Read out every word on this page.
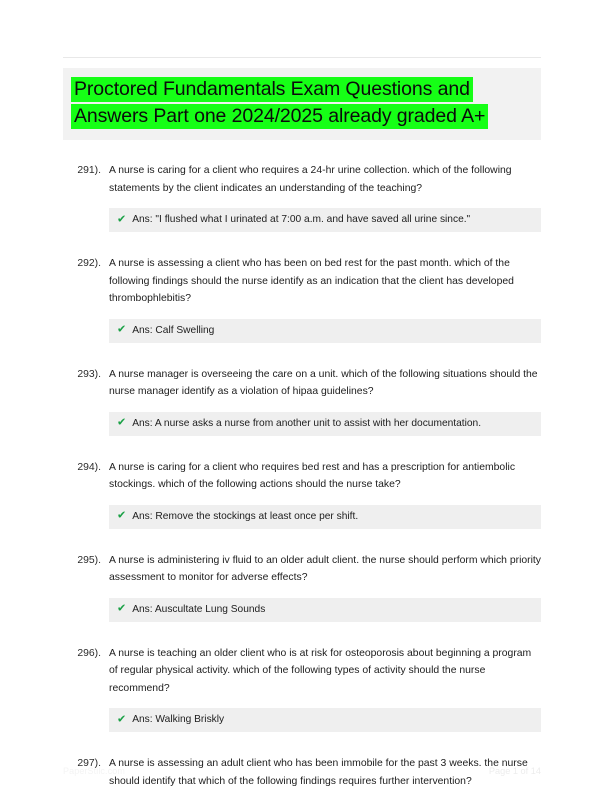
Proctored Fundamentals Exam Questions and
Answers Part one 2024/2025 already graded A+
291). A nurse is caring for a client who requires a 24-hr urine collection. which of the following statements by the client indicates an understanding of the teaching?

✔ Ans: "I flushed what I urinated at 7:00 a.m. and have saved all urine since."
292). A nurse is assessing a client who has been on bed rest for the past month. which of the following findings should the nurse identify as an indication that the client has developed thrombophlebitis?

✔ Ans: Calf Swelling
293). A nurse manager is overseeing the care on a unit. which of the following situations should the nurse manager identify as a violation of hipaa guidelines?

✔ Ans: A nurse asks a nurse from another unit to assist with her documentation.
294). A nurse is caring for a client who requires bed rest and has a prescription for antiembolic stockings. which of the following actions should the nurse take?

✔ Ans: Remove the stockings at least once per shift.
295). A nurse is administering iv fluid to an older adult client. the nurse should perform which priority assessment to monitor for adverse effects?

✔ Ans: Auscultate Lung Sounds
296). A nurse is teaching an older client who is at risk for osteoporosis about beginning a program of regular physical activity. which of the following types of activity should the nurse recommend?

✔ Ans: Walking Briskly
297). A nurse is assessing an adult client who has been immobile for the past 3 weeks. the nurse should identify that which of the following findings requires further intervention?

PaperStilc.com	Page 1 of 14
